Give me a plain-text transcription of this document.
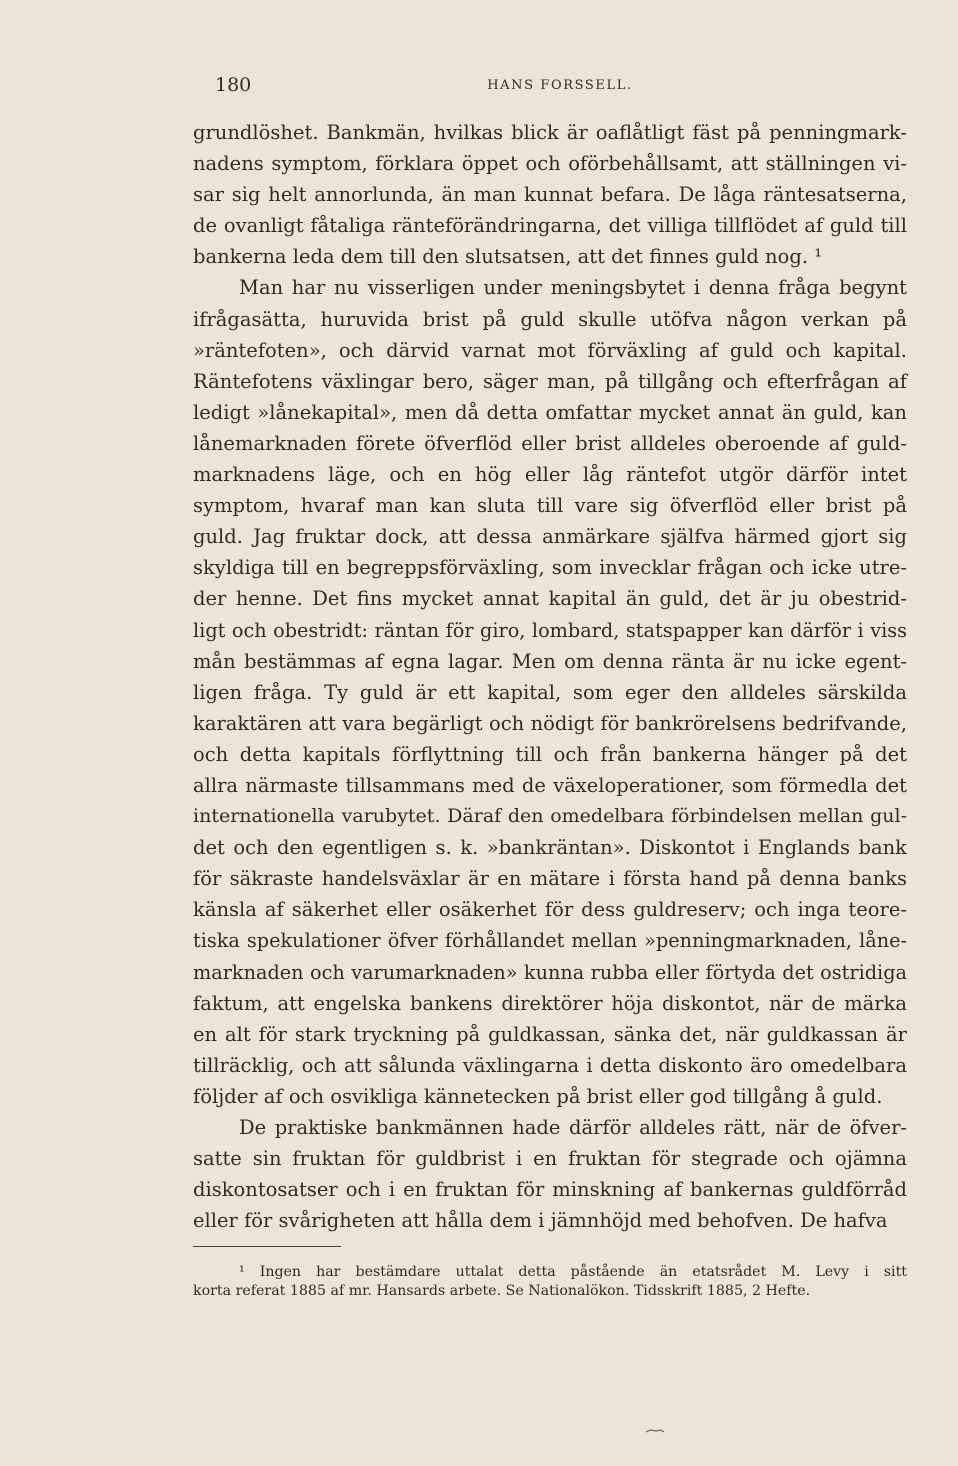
180	HANS FORSSELL.
grundlöshet. Bankmän, hvilkas blick är oaflåtligt fäst på penningmark-
nadens symptom, förklara öppet och oförbehållsamt, att ställningen vi-
sar sig helt annorlunda, än man kunnat befara. De låga räntesatserna,
de ovanligt fåtaliga ränteförändringarna, det villiga tillflödet af guld till
bankerna leda dem till den slutsatsen, att det finnes guld nog. ¹
Man har nu visserligen under meningsbytet i denna fråga begynt
ifrågasätta, huruvida brist på guld skulle utöfva någon verkan på
»räntefoten», och därvid varnat mot förväxling af guld och kapital.
Räntefotens växlingar bero, säger man, på tillgång och efterfrågan af
ledigt »lånekapital», men då detta omfattar mycket annat än guld, kan
lånemarknaden förete öfverflöd eller brist alldeles oberoende af guld-
marknadens läge, och en hög eller låg räntefot utgör därför intet
symptom, hvaraf man kan sluta till vare sig öfverflöd eller brist på
guld. Jag fruktar dock, att dessa anmärkare själfva härmed gjort sig
skyldiga till en begreppsförväxling, som invecklar frågan och icke utre-
der henne. Det fins mycket annat kapital än guld, det är ju obestrid-
ligt och obestridt: räntan för giro, lombard, statspapper kan därför i viss
mån bestämmas af egna lagar. Men om denna ränta är nu icke egent-
ligen fråga. Ty guld är ett kapital, som eger den alldeles särskilda
karaktären att vara begärligt och nödigt för bankrörelsens bedrifvande,
och detta kapitals förflyttning till och från bankerna hänger på det
allra närmaste tillsammans med de växeloperationer, som förmedla det
internationella varubytet. Däraf den omedelbara förbindelsen mellan gul-
det och den egentligen s. k. »bankräntan». Diskontot i Englands bank
för säkraste handelsväxlar är en mätare i första hand på denna banks
känsla af säkerhet eller osäkerhet för dess guldreserv; och inga teore-
tiska spekulationer öfver förhållandet mellan »penningmarknaden, låne-
marknaden och varumarknaden» kunna rubba eller förtyda det ostridiga
faktum, att engelska bankens direktörer höja diskontot, när de märka
en alt för stark tryckning på guldkassan, sänka det, när guldkassan är
tillräcklig, och att sålunda växlingarna i detta diskonto äro omedelbara
följder af och osvikliga kännetecken på brist eller god tillgång å guld.
De praktiske bankmännen hade därför alldeles rätt, när de öfver-
satte sin fruktan för guldbrist i en fruktan för stegrade och ojämna
diskontosatser och i en fruktan för minskning af bankernas guldförråd
eller för svårigheten att hålla dem i jämnhöjd med behofven. De hafva
¹ Ingen har bestämdare uttalat detta påstående än etatsrådet M. Levy i sitt
korta referat 1885 af mr. Hansards arbete. Se Nationalökon. Tidsskrift 1885, 2 Hefte.
